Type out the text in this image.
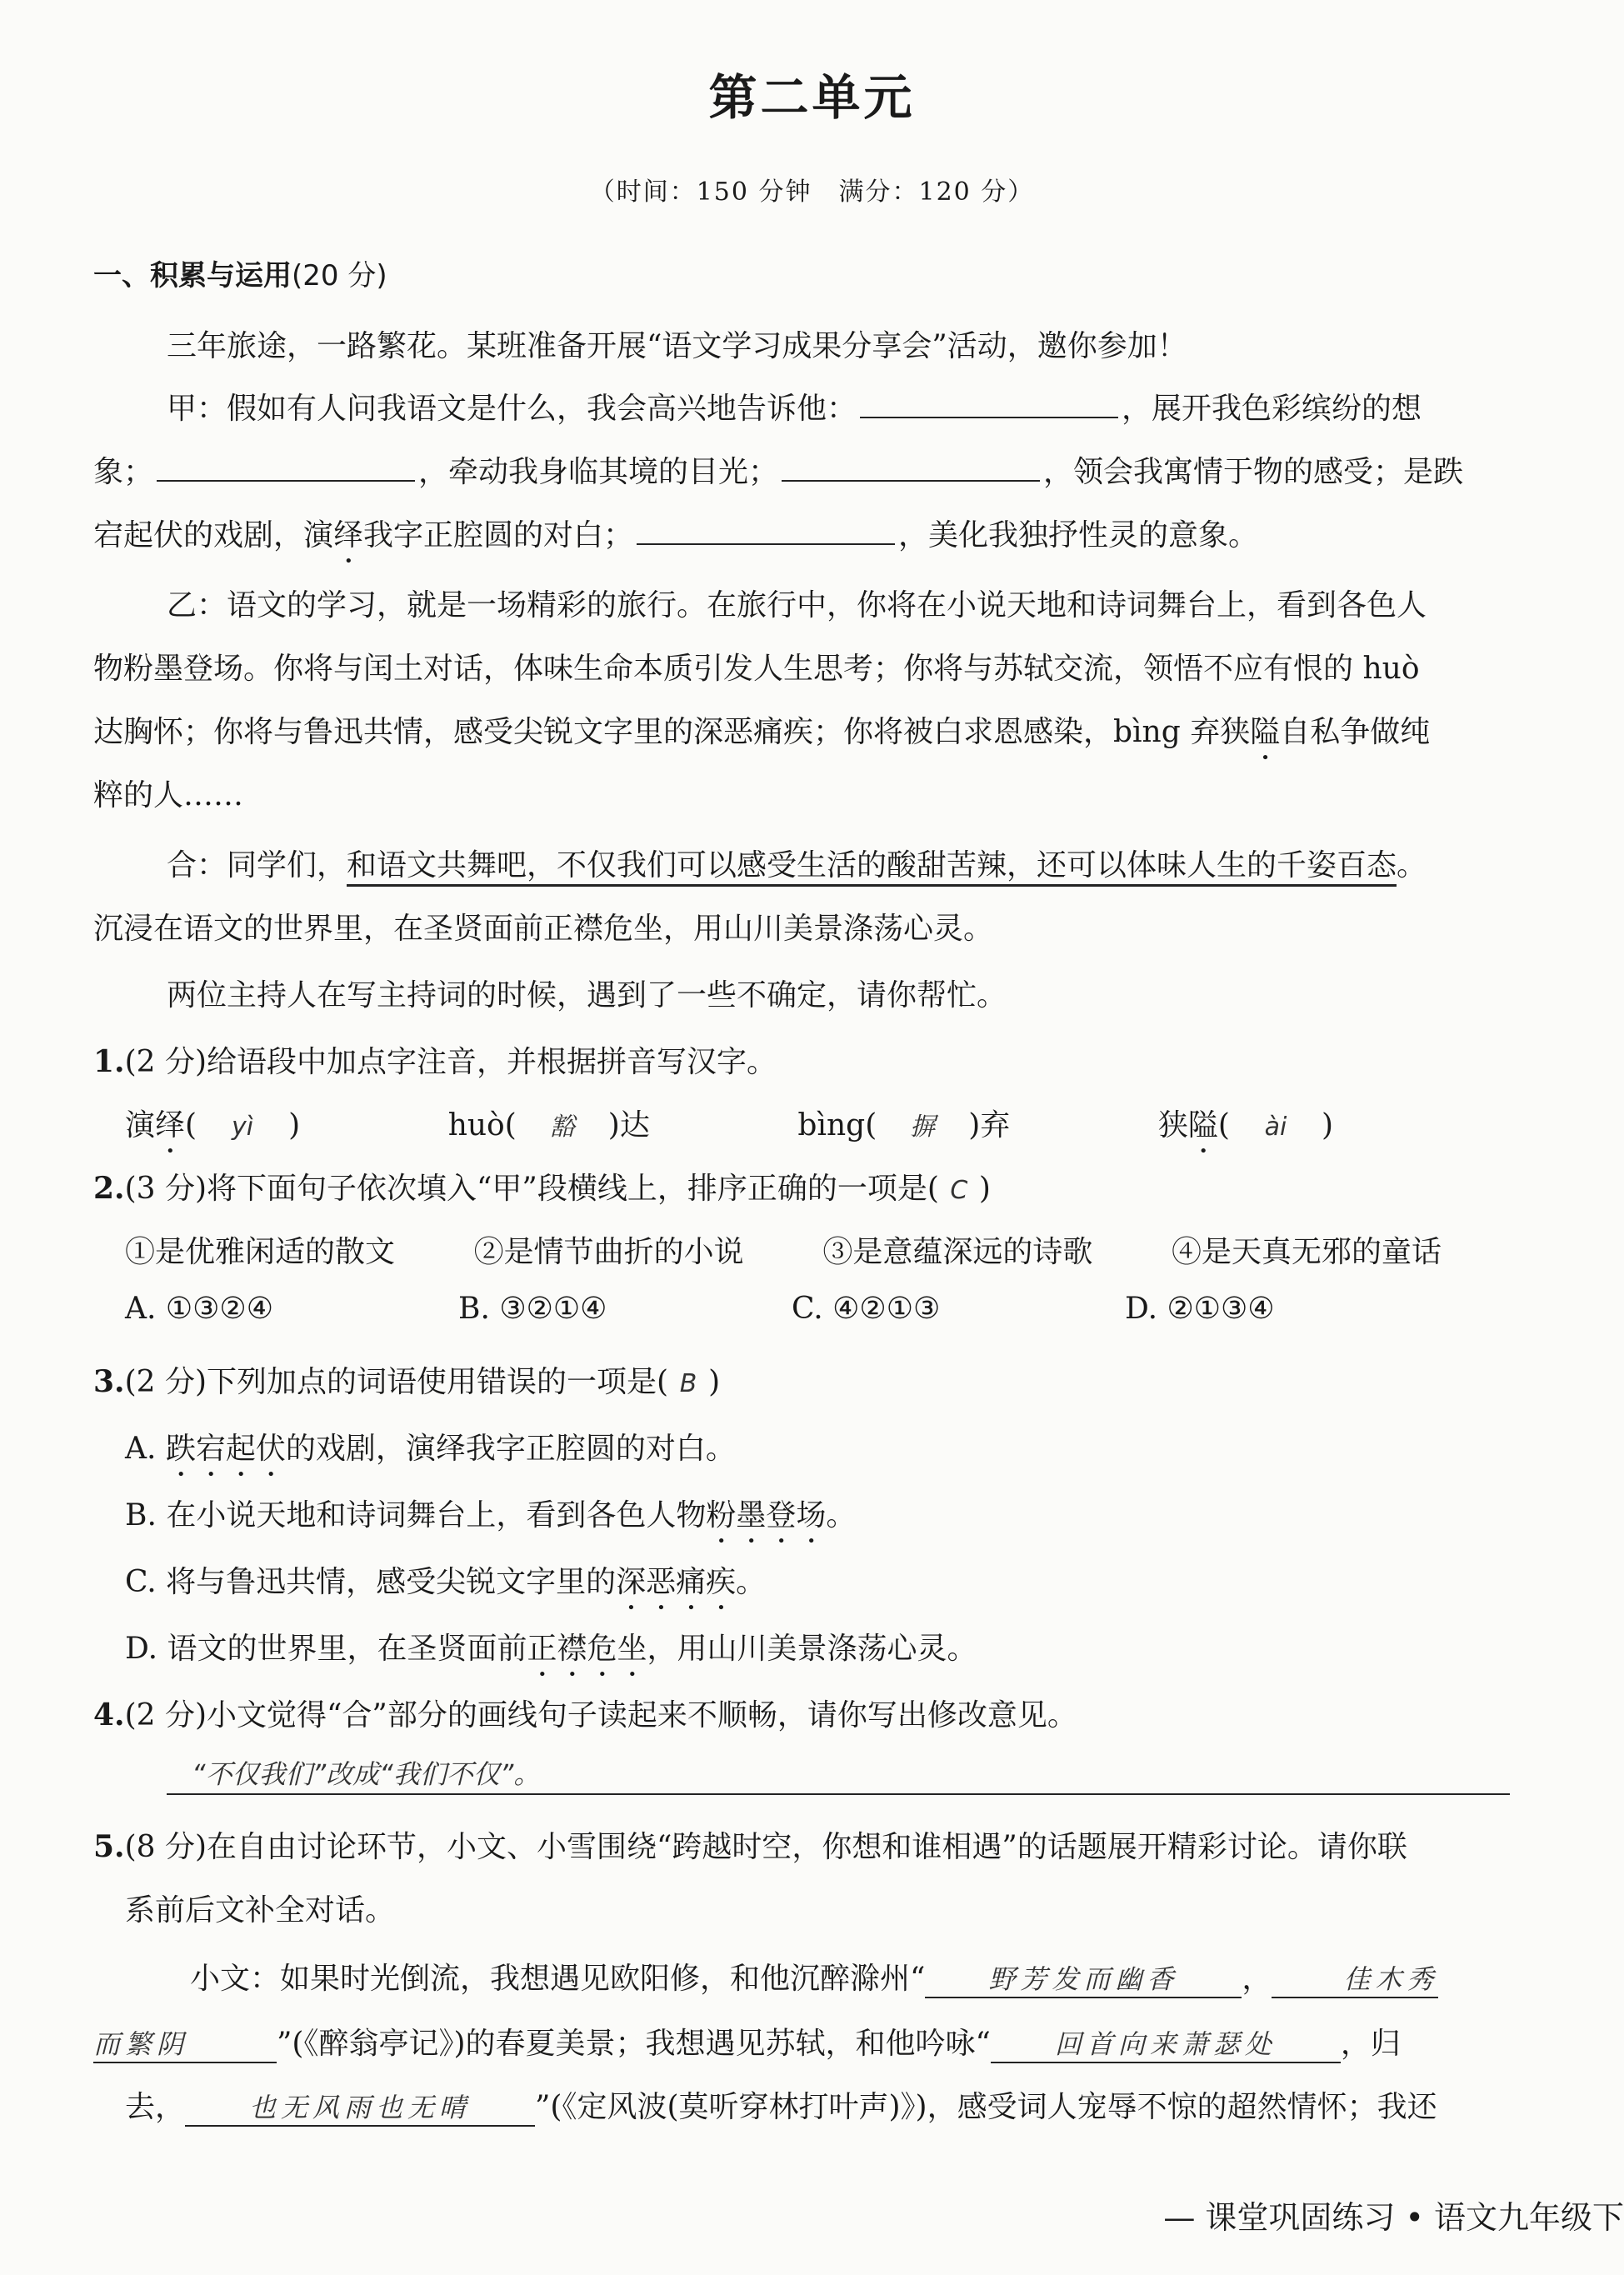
第二单元
（时间：150 分钟　满分：120 分）
一、积累与运用(20 分)
三年旅途，一路繁花。某班准备开展“语文学习成果分享会”活动，邀你参加！
甲：假如有人问我语文是什么，我会高兴地告诉他：	，展开我色彩缤纷的想
象；	，牵动我身临其境的目光；	，领会我寓情于物的感受；是跌
宕起伏的戏剧，演绎我字正腔圆的对白；	，美化我独抒性灵的意象。
乙：语文的学习，就是一场精彩的旅行。在旅行中，你将在小说天地和诗词舞台上，看到各色人
物粉墨登场。你将与闰土对话，体味生命本质引发人生思考；你将与苏轼交流，领悟不应有恨的 huò
达胸怀；你将与鲁迅共情，感受尖锐文字里的深恶痛疾；你将被白求恩感染，bìng 弃狭隘自私争做纯
粹的人……
合：同学们，和语文共舞吧，不仅我们可以感受生活的酸甜苦辣，还可以体味人生的千姿百态。
沉浸在语文的世界里，在圣贤面前正襟危坐，用山川美景涤荡心灵。
两位主持人在写主持词的时候，遇到了一些不确定，请你帮忙。
1.(2 分)给语段中加点字注音，并根据拼音写汉字。
演绎( yì )	huò( 豁 )达	bìng( 摒 )弃	狭隘( ài )
2.(3 分)将下面句子依次填入“甲”段横线上，排序正确的一项是( C )
①是优雅闲适的散文	②是情节曲折的小说	③是意蕴深远的诗歌	④是天真无邪的童话
A. ①③②④	B. ③②①④	C. ④②①③	D. ②①③④
3.(2 分)下列加点的词语使用错误的一项是( B )
A. 跌宕起伏的戏剧，演绎我字正腔圆的对白。
B. 在小说天地和诗词舞台上，看到各色人物粉墨登场。
C. 将与鲁迅共情，感受尖锐文字里的深恶痛疾。
D. 语文的世界里，在圣贤面前正襟危坐，用山川美景涤荡心灵。
4.(2 分)小文觉得“合”部分的画线句子读起来不顺畅，请你写出修改意见。
“不仅我们”改成“我们不仅”。
5.(8 分)在自由讨论环节，小文、小雪围绕“跨越时空，你想和谁相遇”的话题展开精彩讨论。请你联
系前后文补全对话。
小文：如果时光倒流，我想遇见欧阳修，和他沉醉滁州“ 野芳发而幽香 ，	佳木秀
而繁阴	”(《醉翁亭记》)的春夏美景；我想遇见苏轼，和他吟咏“ 回首向来萧瑟处 ，归
去， 也无风雨也无晴 ”(《定风波(莫听穿林打叶声)》)，感受词人宠辱不惊的超然情怀；我还
— 课堂巩固练习 • 语文九年级下
